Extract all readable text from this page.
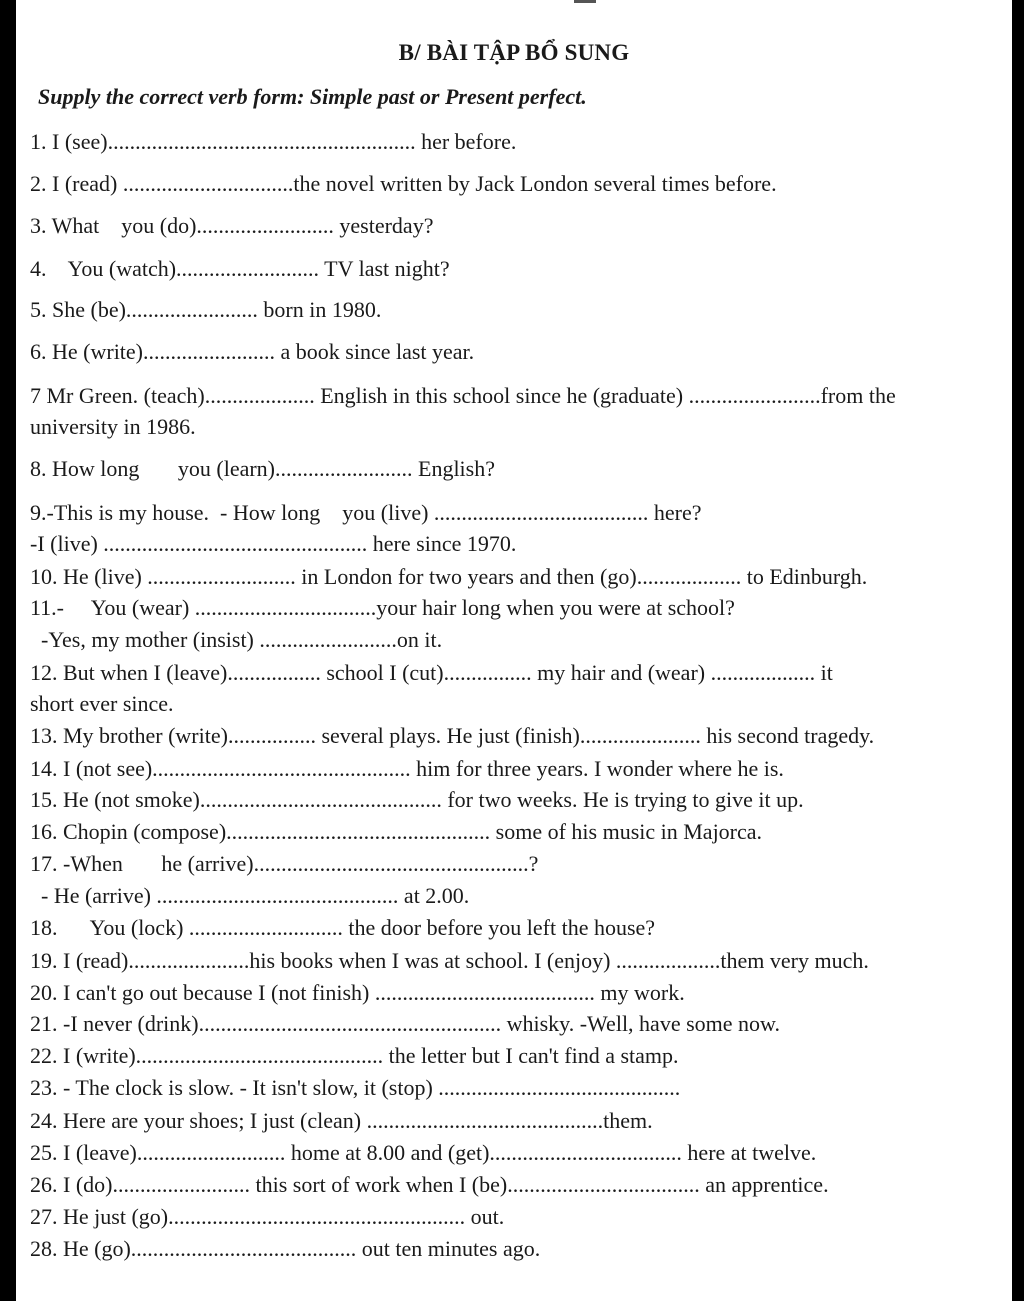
B/ BÀI TẬP BỔ SUNG
Supply the correct verb form: Simple past or Present perfect.
1. I (see)........................................................ her before.
2. I (read) ...............................the novel written by Jack London several times before.
3. What    you (do)......................... yesterday?
4.    You (watch).......................... TV last night?
5. She (be)........................ born in 1980.
6. He (write)........................ a book since last year.
7 Mr Green. (teach).................... English in this school since he (graduate) ........................from the
university in 1986.
8. How long       you (learn)......................... English?
9.-This is my house.  - How long    you (live) ....................................... here?
-I (live) ................................................ here since 1970.
10. He (live) ........................... in London for two years and then (go)................... to Edinburgh.
11.-     You (wear) .................................your hair long when you were at school?
-Yes, my mother (insist) .........................on it.
12. But when I (leave)................. school I (cut)................ my hair and (wear) ................... it
short ever since.
13. My brother (write)................ several plays. He just (finish)...................... his second tragedy.
14. I (not see)............................................... him for three years. I wonder where he is.
15. He (not smoke)............................................ for two weeks. He is trying to give it up.
16. Chopin (compose)................................................ some of his music in Majorca.
17. -When       he (arrive)..................................................?
- He (arrive) ............................................ at 2.00.
18.      You (lock) ............................ the door before you left the house?
19. I (read)......................his books when I was at school. I (enjoy) ...................them very much.
20. I can't go out because I (not finish) ........................................ my work.
21. -I never (drink)....................................................... whisky. -Well, have some now.
22. I (write)............................................. the letter but I can't find a stamp.
23. - The clock is slow. - It isn't slow, it (stop) ............................................
24. Here are your shoes; I just (clean) ...........................................them.
25. I (leave)........................... home at 8.00 and (get)................................... here at twelve.
26. I (do)......................... this sort of work when I (be)................................... an apprentice.
27. He just (go)...................................................... out.
28. He (go)......................................... out ten minutes ago.
